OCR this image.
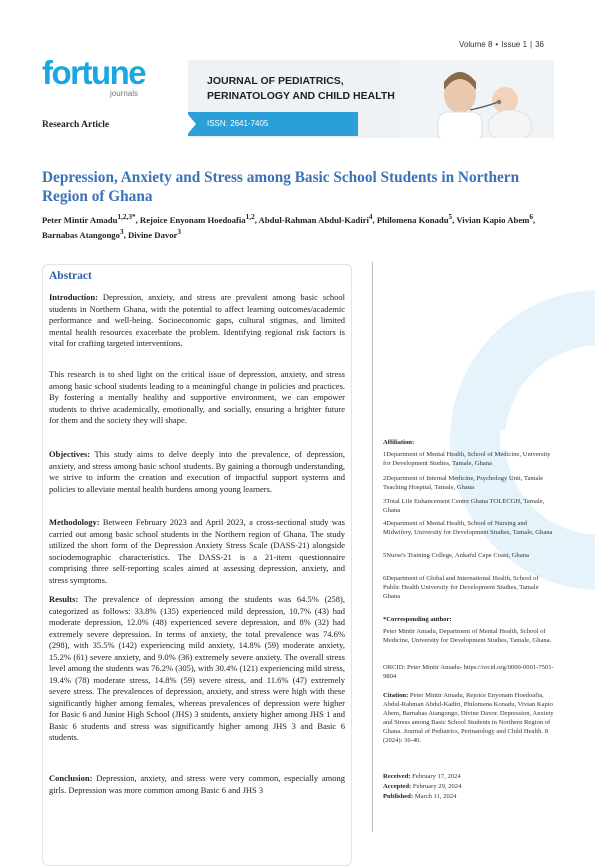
Volume 8 • Issue 1 | 36
fortune
journals
JOURNAL OF PEDIATRICS,
PERINATOLOGY AND CHILD HEALTH
ISSN: 2641-7405
Research Article
Depression, Anxiety and Stress among Basic School Students in Northern Region of Ghana
Peter Mintir Amadu$^{1,2,3*}$, Rejoice Enyonam Hoedoafia$^{1,2}$, Abdul-Rahman Abdul-Kadiri$^4$, Philomena Konadu$^5$, Vivian Kapio Abem$^6$, Barnabas Atangongo$^3$, Divine Davor$^3$
Abstract
Introduction: Depression, anxiety, and stress are prevalent among basic school students in Northern Ghana, with the potential to affect learning outcomes/academic performance and well-being. Socioeconomic gaps, cultural stigmas, and limited mental health resources exacerbate the problem. Identifying regional risk factors is vital for crafting targeted interventions.
This research is to shed light on the critical issue of depression, anxiety, and stress among basic school students leading to a meaningful change in policies and practices. By fostering a mentally healthy and supportive environment, we can empower students to thrive academically, emotionally, and socially, ensuring a brighter future for them and the society they will shape.
Objectives: This study aims to delve deeply into the prevalence, of depression, anxiety, and stress among basic school students. By gaining a thorough understanding, we strive to inform the creation and execution of impactful support systems and policies to alleviate mental health burdens among young learners.
Methodology: Between February 2023 and April 2023, a cross-sectional study was carried out among basic school students in the Northern region of Ghana. The study utilized the short form of the Depression Anxiety Stress Scale (DASS-21) alongside sociodemographic characteristics. The DASS-21 is a 21-item questionnaire comprising three self-reporting scales aimed at assessing depression, anxiety, and stress symptoms.
Results: The prevalence of depression among the students was 64.5% (258), categorized as follows: 33.8% (135) experienced mild depression, 10.7% (43) had moderate depression, 12.0% (48) experienced severe depression, and 8% (32) had extremely severe depression. In terms of anxiety, the total prevalence was 74.6% (298), with 35.5% (142) experiencing mild anxiety, 14.8% (59) moderate anxiety, 15.2% (61) severe anxiety, and 9.0% (36) extremely severe anxiety. The overall stress level among the students was 76.2% (305), with 30.4% (121) experiencing mild stress, 19.4% (78) moderate stress, 14.8% (59) severe stress, and 11.6% (47) extremely severe stress. The prevalences of depression, anxiety, and stress were high with these significantly higher among females, whereas prevalences of depression were higher for Basic 6 and Junior High School (JHS) 3 students, anxiety higher among JHS 1 and Basic 6 students and stress was significantly higher among JHS 3 and Basic 6 students.
Conclusion: Depression, anxiety, and stress were very common, especially among girls. Depression was more common among Basic 6 and JHS 3
Affiliation:
1Department of Mental Health, School of Medicine, University for Development Studies, Tamale, Ghana
2Department of Internal Medicine, Psychology Unit, Tamale Teaching Hospital, Tamale, Ghana
3Total Life Enhancement Centre Ghana TOLECGH, Tamale, Ghana
4Department of Mental Health, School of Nursing and Midwifery, University for Development Studies, Tamale, Ghana
5Nurse's Training College, Ankaful Cape Coast, Ghana
6Department of Global and International Health, School of Public Health University for Development Studies, Tamale Ghana
*Corresponding author:
Peter Mintir Amadu, Department of Mental Health, School of Medicine, University for Development Studies, Tamale, Ghana.
ORCID: Peter Mintir Amadu- https://orcid.org/0000-0001-7501-9804
Citation: Peter Mintir Amadu, Rejoice Enyonam Hoedoafia, Abdul-Rahman Abdul-Kadiri, Philomena Konadu, Vivian Kapio Abem, Barnabas Atangongo, Divine Davor. Depression, Anxiety and Stress among Basic School Students in Northern Region of Ghana. Journal of Pediatrics, Perinatology and Child Health. 8 (2024): 36-40.
Received: February 17, 2024
Accepted: February 29, 2024
Published: March 11, 2024
